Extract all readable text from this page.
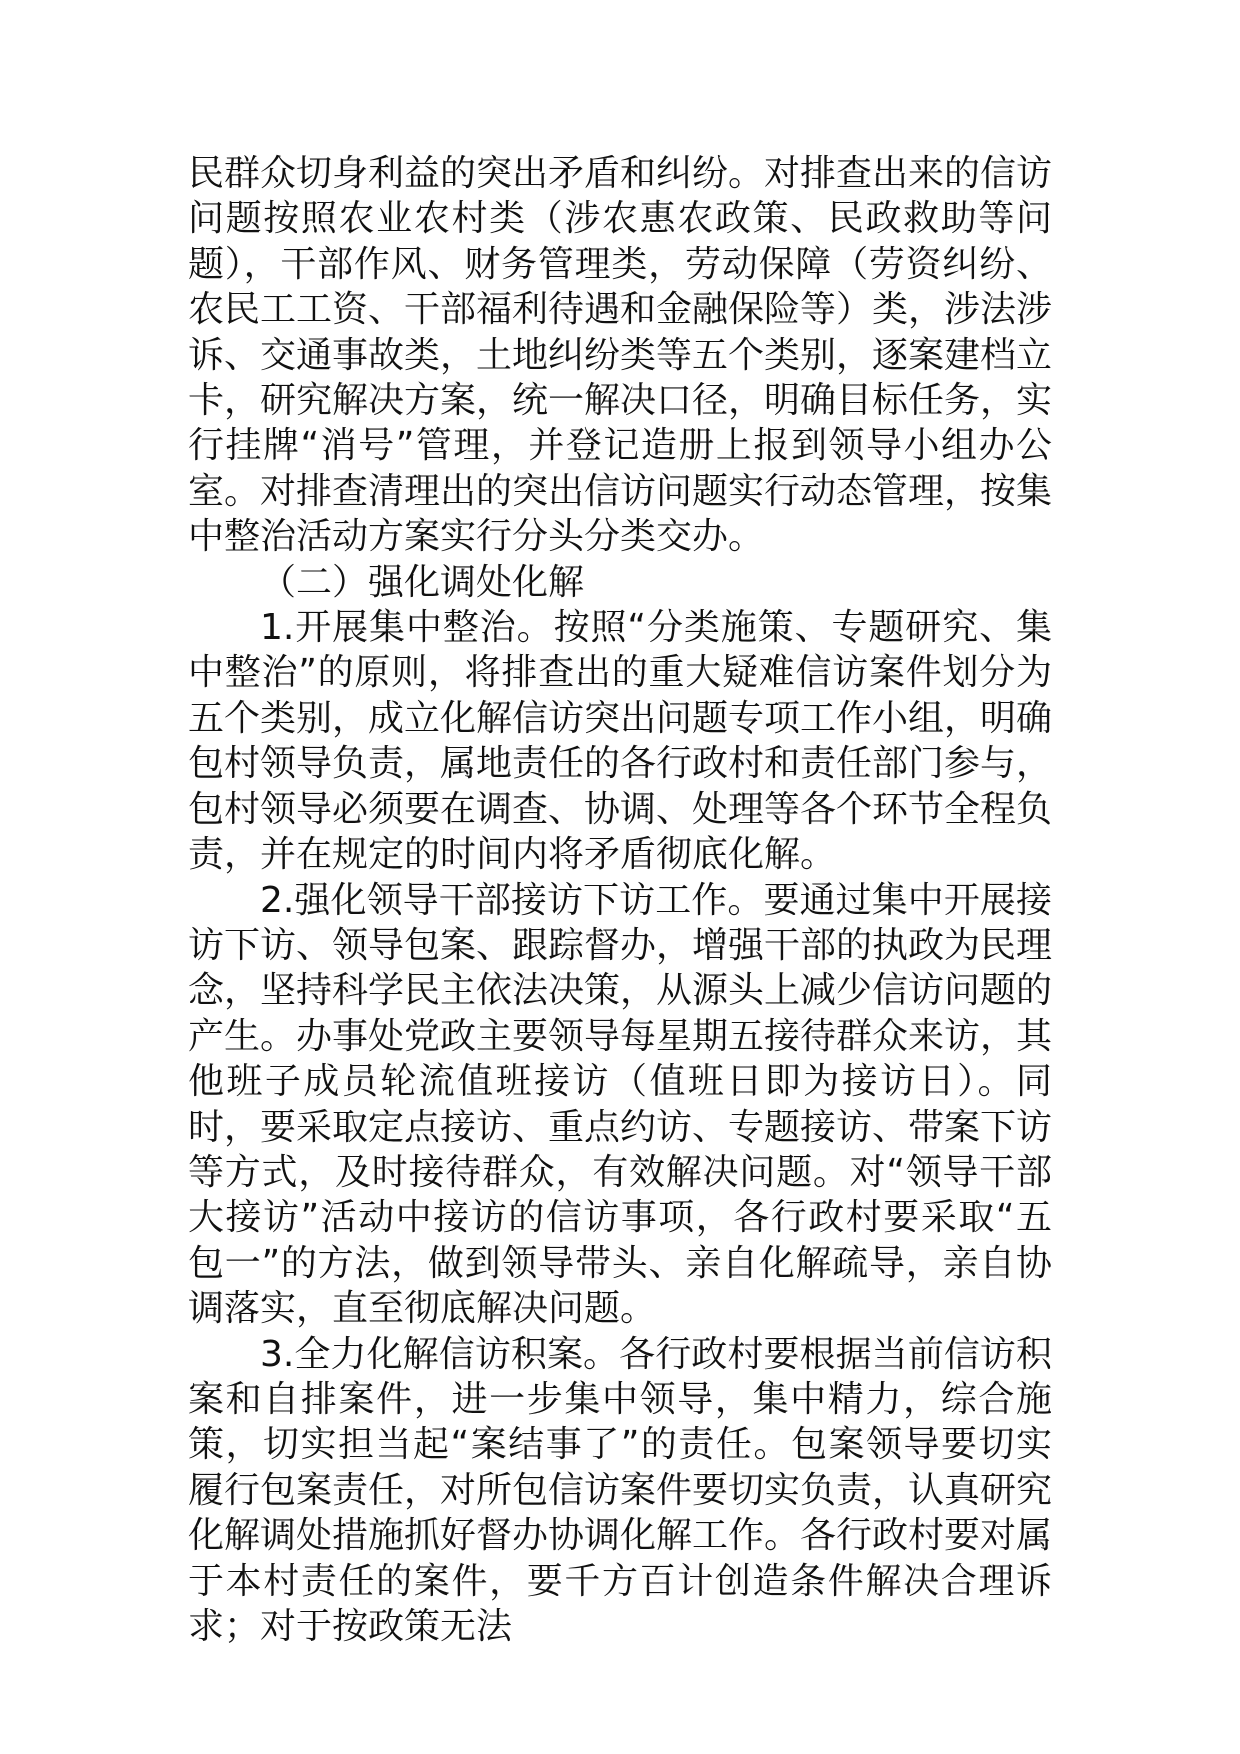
民群众切身利益的突出矛盾和纠纷。对排查出来的信访问题按照农业农村类（涉农惠农政策、民政救助等问题），干部作风、财务管理类，劳动保障（劳资纠纷、农民工工资、干部福利待遇和金融保险等）类，涉法涉诉、交通事故类，土地纠纷类等五个类别，逐案建档立卡，研究解决方案，统一解决口径，明确目标任务，实行挂牌“消号”管理，并登记造册上报到领导小组办公室。对排查清理出的突出信访问题实行动态管理，按集中整治活动方案实行分头分类交办。

（二）强化调处化解

1.开展集中整治。按照“分类施策、专题研究、集中整治”的原则，将排查出的重大疑难信访案件划分为五个类别，成立化解信访突出问题专项工作小组，明确包村领导负责，属地责任的各行政村和责任部门参与，包村领导必须要在调查、协调、处理等各个环节全程负责，并在规定的时间内将矛盾彻底化解。

2.强化领导干部接访下访工作。要通过集中开展接访下访、领导包案、跟踪督办，增强干部的执政为民理念，坚持科学民主依法决策，从源头上减少信访问题的产生。办事处党政主要领导每星期五接待群众来访，其他班子成员轮流值班接访（值班日即为接访日）。同时，要采取定点接访、重点约访、专题接访、带案下访等方式，及时接待群众，有效解决问题。对“领导干部大接访”活动中接访的信访事项，各行政村要采取“五包一”的方法，做到领导带头、亲自化解疏导，亲自协调落实，直至彻底解决问题。

3.全力化解信访积案。各行政村要根据当前信访积案和自排案件，进一步集中领导，集中精力，综合施策，切实担当起“案结事了”的责任。包案领导要切实履行包案责任，对所包信访案件要切实负责，认真研究化解调处措施抓好督办协调化解工作。各行政村要对属于本村责任的案件，要千方百计创造条件解决合理诉求；对于按政策无法
